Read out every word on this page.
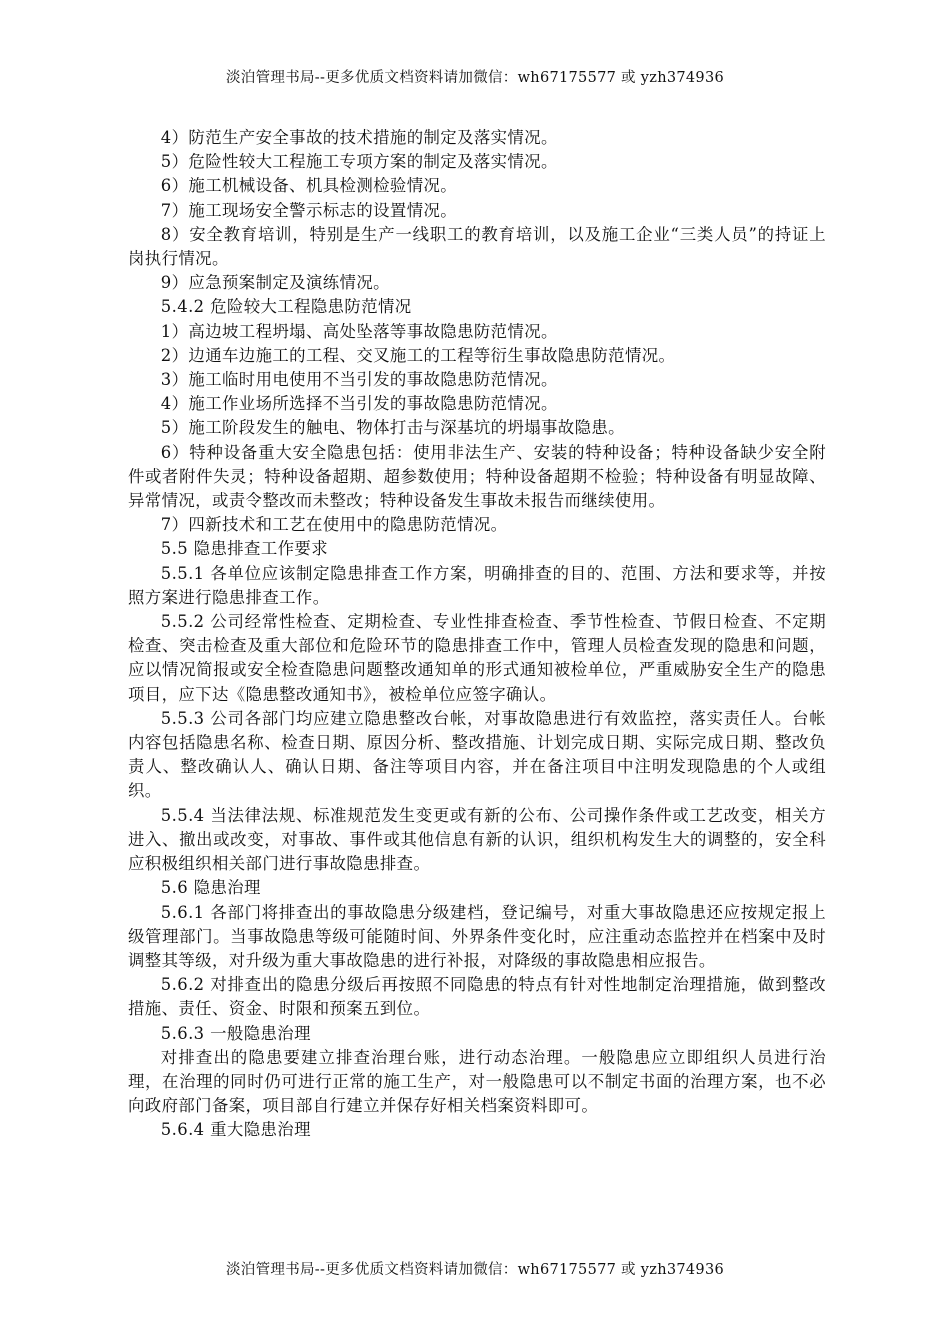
淡泊管理书局--更多优质文档资料请加微信：wh67175577 或 yzh374936

4）防范生产安全事故的技术措施的制定及落实情况。

5）危险性较大工程施工专项方案的制定及落实情况。

6）施工机械设备、机具检测检验情况。

7）施工现场安全警示标志的设置情况。

8）安全教育培训，特别是生产一线职工的教育培训，以及施工企业“三类人员”的持证上岗执行情况。

9）应急预案制定及演练情况。

5.4.2 危险较大工程隐患防范情况

1）高边坡工程坍塌、高处坠落等事故隐患防范情况。

2）边通车边施工的工程、交叉施工的工程等衍生事故隐患防范情况。

3）施工临时用电使用不当引发的事故隐患防范情况。

4）施工作业场所选择不当引发的事故隐患防范情况。

5）施工阶段发生的触电、物体打击与深基坑的坍塌事故隐患。

6）特种设备重大安全隐患包括：使用非法生产、安装的特种设备；特种设备缺少安全附件或者附件失灵；特种设备超期、超参数使用；特种设备超期不检验；特种设备有明显故障、异常情况，或责令整改而未整改；特种设备发生事故未报告而继续使用。

7）四新技术和工艺在使用中的隐患防范情况。

5.5 隐患排查工作要求

5.5.1 各单位应该制定隐患排查工作方案，明确排查的目的、范围、方法和要求等，并按照方案进行隐患排查工作。

5.5.2 公司经常性检查、定期检查、专业性排查检查、季节性检查、节假日检查、不定期检查、突击检查及重大部位和危险环节的隐患排查工作中，管理人员检查发现的隐患和问题，应以情况简报或安全检查隐患问题整改通知单的形式通知被检单位，严重威胁安全生产的隐患项目，应下达《隐患整改通知书》，被检单位应签字确认。

5.5.3 公司各部门均应建立隐患整改台帐，对事故隐患进行有效监控，落实责任人。台帐内容包括隐患名称、检查日期、原因分析、整改措施、计划完成日期、实际完成日期、整改负责人、整改确认人、确认日期、备注等项目内容，并在备注项目中注明发现隐患的个人或组织。

5.5.4 当法律法规、标准规范发生变更或有新的公布、公司操作条件或工艺改变，相关方进入、撤出或改变，对事故、事件或其他信息有新的认识，组织机构发生大的调整的，安全科应积极组织相关部门进行事故隐患排查。

5.6 隐患治理

5.6.1 各部门将排查出的事故隐患分级建档，登记编号，对重大事故隐患还应按规定报上级管理部门。当事故隐患等级可能随时间、外界条件变化时，应注重动态监控并在档案中及时调整其等级，对升级为重大事故隐患的进行补报，对降级的事故隐患相应报告。

5.6.2 对排查出的隐患分级后再按照不同隐患的特点有针对性地制定治理措施，做到整改措施、责任、资金、时限和预案五到位。

5.6.3 一般隐患治理

对排查出的隐患要建立排查治理台账，进行动态治理。一般隐患应立即组织人员进行治理，在治理的同时仍可进行正常的施工生产，对一般隐患可以不制定书面的治理方案，也不必向政府部门备案，项目部自行建立并保存好相关档案资料即可。

5.6.4 重大隐患治理

淡泊管理书局--更多优质文档资料请加微信：wh67175577 或 yzh374936
